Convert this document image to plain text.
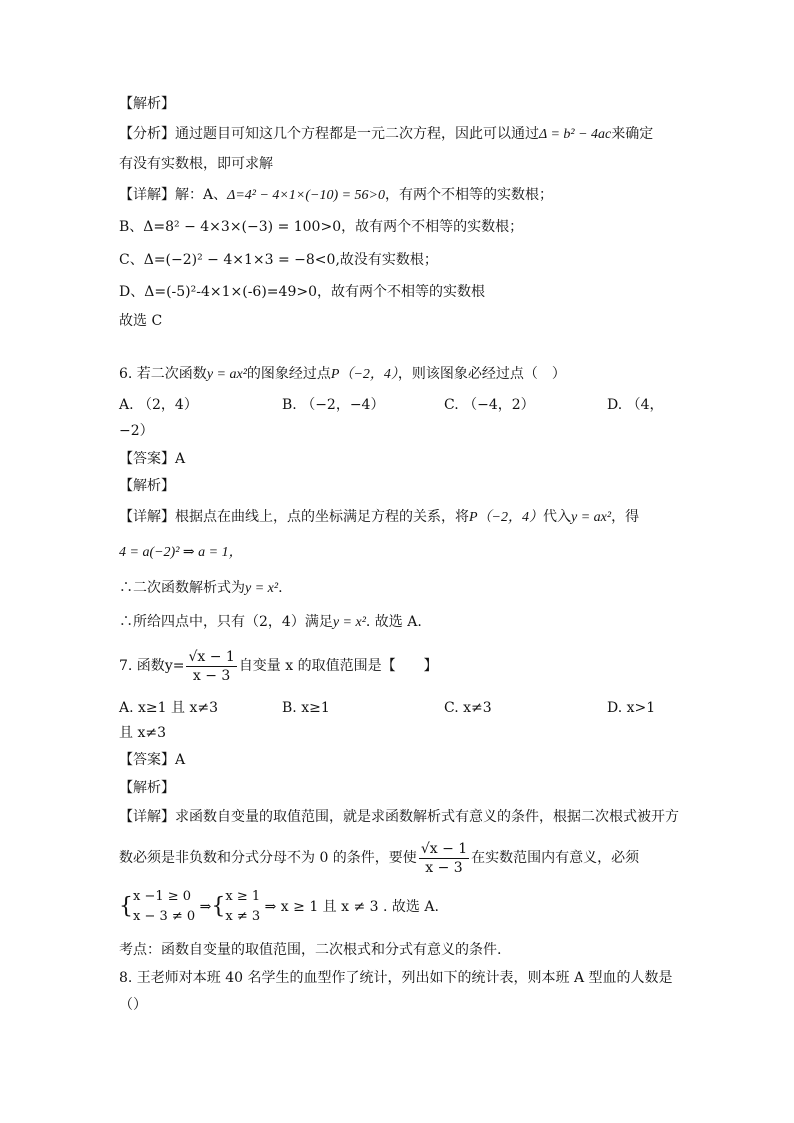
【解析】
【分析】通过题目可知这几个方程都是一元二次方程，因此可以通过Δ = b² − 4ac来确定
有没有实数根，即可求解
【详解】解：A、Δ=4² − 4×1×(−10) = 56>0，有两个不相等的实数根；
B、Δ=8² − 4×3×(−3) = 100>0，故有两个不相等的实数根；
C、Δ=(−2)² − 4×1×3 = −8<0,故没有实数根；
D、Δ=(-5)²-4×1×(-6)=49>0，故有两个不相等的实数根
故选 C
6. 若二次函数y = ax²的图象经过点P（−2，4），则该图象必经过点（　）
A. （2，4）	B. （−2，−4）	C. （−4，2）	D. （4，
−2）
【答案】A
【解析】
【详解】根据点在曲线上，点的坐标满足方程的关系，将P（−2，4）代入y = ax²，得
4 = a(−2)² ⇒ a = 1，
∴二次函数解析式为y = x².
∴所给四点中，只有（2，4）满足y = x². 故选 A.
7. 函数$y= \frac{√x - 1}{x - 3}$ 自变量 x 的取值范围是【　　】
A. x≥1 且 x≠3	B. x≥1	C. x≠3	D. x>1
且 x≠3
【答案】A
【解析】
【详解】求函数自变量的取值范围，就是求函数解析式有意义的条件，根据二次根式被开方
数必须是非负数和分式分母不为 0 的条件，要使 $\frac{√x - 1}{x - 3}$ 在实数范围内有意义，必须
{ x −1 ≥ 0
x − 3 ≠ 0
⇒{ x ≥ 1
x ≠ 3
⇒ x ≥ 1 且 x ≠ 3 . 故选 A.
考点：函数自变量的取值范围，二次根式和分式有意义的条件.
8. 王老师对本班 40 名学生的血型作了统计，列出如下的统计表，则本班 A 型血的人数是
（）
